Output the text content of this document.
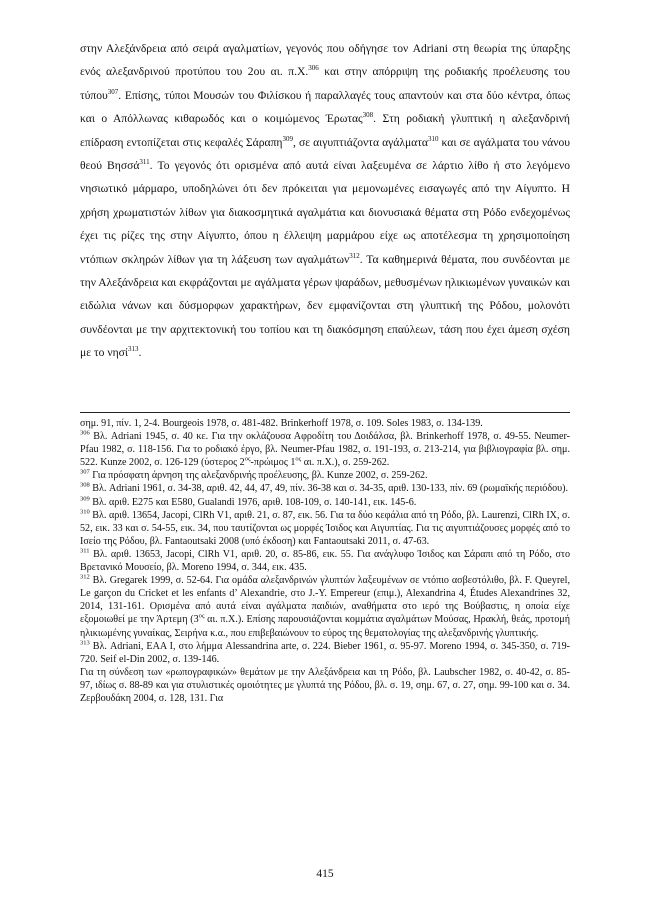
στην Αλεξάνδρεια από σειρά αγαλματίων, γεγονός που οδήγησε τον Adriani στη θεωρία της ύπαρξης ενός αλεξανδρινού προτύπου του 2ου αι. π.Χ.$^{306}$ και στην απόρριψη της ροδιακής προέλευσης του τύπου$^{307}$. Επίσης, τύποι Μουσών του Φιλίσκου ή παραλλαγές τους απαντούν και στα δύο κέντρα, όπως και ο Απόλλωνας κιθαρωδός και ο κοιμώμενος Έρωτας$^{308}$. Στη ροδιακή γλυπτική η αλεξανδρινή επίδραση εντοπίζεται στις κεφαλές Σάραπη$^{309}$, σε αιγυπτιάζοντα αγάλματα$^{310}$ και σε αγάλματα του νάνου θεού Βησσά$^{311}$. Το γεγονός ότι ορισμένα από αυτά είναι λαξευμένα σε λάρτιο λίθο ή στο λεγόμενο νησιωτικό μάρμαρο, υποδηλώνει ότι δεν πρόκειται για μεμονωμένες εισαγωγές από την Αίγυπτο. Η χρήση χρωματιστών λίθων για διακοσμητικά αγαλμάτια και διονυσιακά θέματα στη Ρόδο ενδεχομένως έχει τις ρίζες της στην Αίγυπτο, όπου η έλλειψη μαρμάρου είχε ως αποτέλεσμα τη χρησιμοποίηση ντόπιων σκληρών λίθων για τη λάξευση των αγαλμάτων$^{312}$. Τα καθημερινά θέματα, που συνδέονται με την Αλεξάνδρεια και εκφράζονται με αγάλματα γέρων ψαράδων, μεθυσμένων ηλικιωμένων γυναικών και ειδώλια νάνων και δύσμορφων χαρακτήρων, δεν εμφανίζονται στη γλυπτική της Ρόδου, μολονότι συνδέονται με την αρχιτεκτονική του τοπίου και τη διακόσμηση επαύλεων, τάση που έχει άμεση σχέση με το νησί$^{313}$.

σημ. 91, πίν. 1, 2-4. Bourgeois 1978, σ. 481-482. Brinkerhoff 1978, σ. 109. Soles 1983, σ. 134-139.

$^{306}$ Βλ. Adriani 1945, σ. 40 κε. Για την οκλάζουσα Αφροδίτη του Δοιδάλσα, βλ. Brinkerhoff 1978, σ. 49-55. Neumer-Pfau 1982, σ. 118-156. Για το ροδιακό έργο, βλ. Neumer-Pfau 1982, σ. 191-193, σ. 213-214, για βιβλιογραφία βλ. σημ. 522. Kunze 2002, σ. 126-129 (ύστερος $2^{o\varsigma}$-πρώιμος $1^{o\varsigma}$ αι. π.Χ.), σ. 259-262.

$^{307}$ Για πρόσφατη άρνηση της αλεξανδρινής προέλευσης, βλ. Kunze 2002, σ. 259-262.

$^{308}$ Βλ. Adriani 1961, σ. 34-38, αριθ. 42, 44, 47, 49, πίν. 36-38 και σ. 34-35, αριθ. 130-133, πίν. 69 (ρωμαϊκής περιόδου).

$^{309}$ Βλ. αριθ. Ε275 και Ε580, Gualandi 1976, αριθ. 108-109, σ. 140-141, εικ. 145-6.

$^{310}$ Βλ. αριθ. 13654, Jacopi, ClRh V1, αριθ. 21, σ. 87, εικ. 56. Για τα δύο κεφάλια από τη Ρόδο, βλ. Laurenzi, ClRh IX, σ. 52, εικ. 33 και σ. 54-55, εικ. 34, που ταυτίζονται ως μορφές Ίσιδος και Αιγυπτίας. Για τις αιγυπτιάζουσες μορφές από το Ισείο της Ρόδου, βλ. Fantaoutsaki 2008 (υπό έκδοση) και Fantaoutsaki 2011, σ. 47-63.

$^{311}$ Βλ. αριθ. 13653, Jacopi, ClRh V1, αριθ. 20, σ. 85-86, εικ. 55. Για ανάγλυφο Ίσιδος και Σάραπι από τη Ρόδο, στο Βρετανικό Μουσείο, βλ. Moreno 1994, σ. 344, εικ. 435.

$^{312}$ Βλ. Gregarek 1999, σ. 52-64. Για ομάδα αλεξανδρινών γλυπτών λαξευμένων σε ντόπιο ασβεστόλιθο, βλ. F. Queyrel, Le garçon du Cricket et les enfants d’ Alexandrie, στο J.-Y. Empereur (επιμ.), Alexandrina 4, Études Alexandrines 32, 2014, 131-161. Ορισμένα από αυτά είναι αγάλματα παιδιών, αναθήματα στο ιερό της Βούβαστις, η οποία είχε εξομοιωθεί με την Άρτεμη ($3^{o\varsigma}$ αι. π.Χ.). Επίσης παρουσιάζονται κομμάτια αγαλμάτων Μούσας, Ηρακλή, θεάς, προτομή ηλικιωμένης γυναίκας, Σειρήνα κ.α., που επιβεβαιώνουν το εύρος της θεματολογίας της αλεξανδρινής γλυπτικής.

$^{313}$ Βλ. Adriani, EAA I, στο λήμμα Alessandrina arte, σ. 224. Bieber 1961, σ. 95-97. Moreno 1994, σ. 345-350, σ. 719-720. Seif el-Din 2002, σ. 139-146.

Για τη σύνδεση των «ρωπογραφικών» θεμάτων με την Αλεξάνδρεια και τη Ρόδο, βλ. Laubscher 1982, σ. 40-42, σ. 85-97, ιδίως σ. 88-89 και για στυλιστικές ομοιότητες με γλυπτά της Ρόδου, βλ. σ. 19, σημ. 67, σ. 27, σημ. 99-100 και σ. 34. Ζερβουδάκη 2004, σ. 128, 131. Για

415
